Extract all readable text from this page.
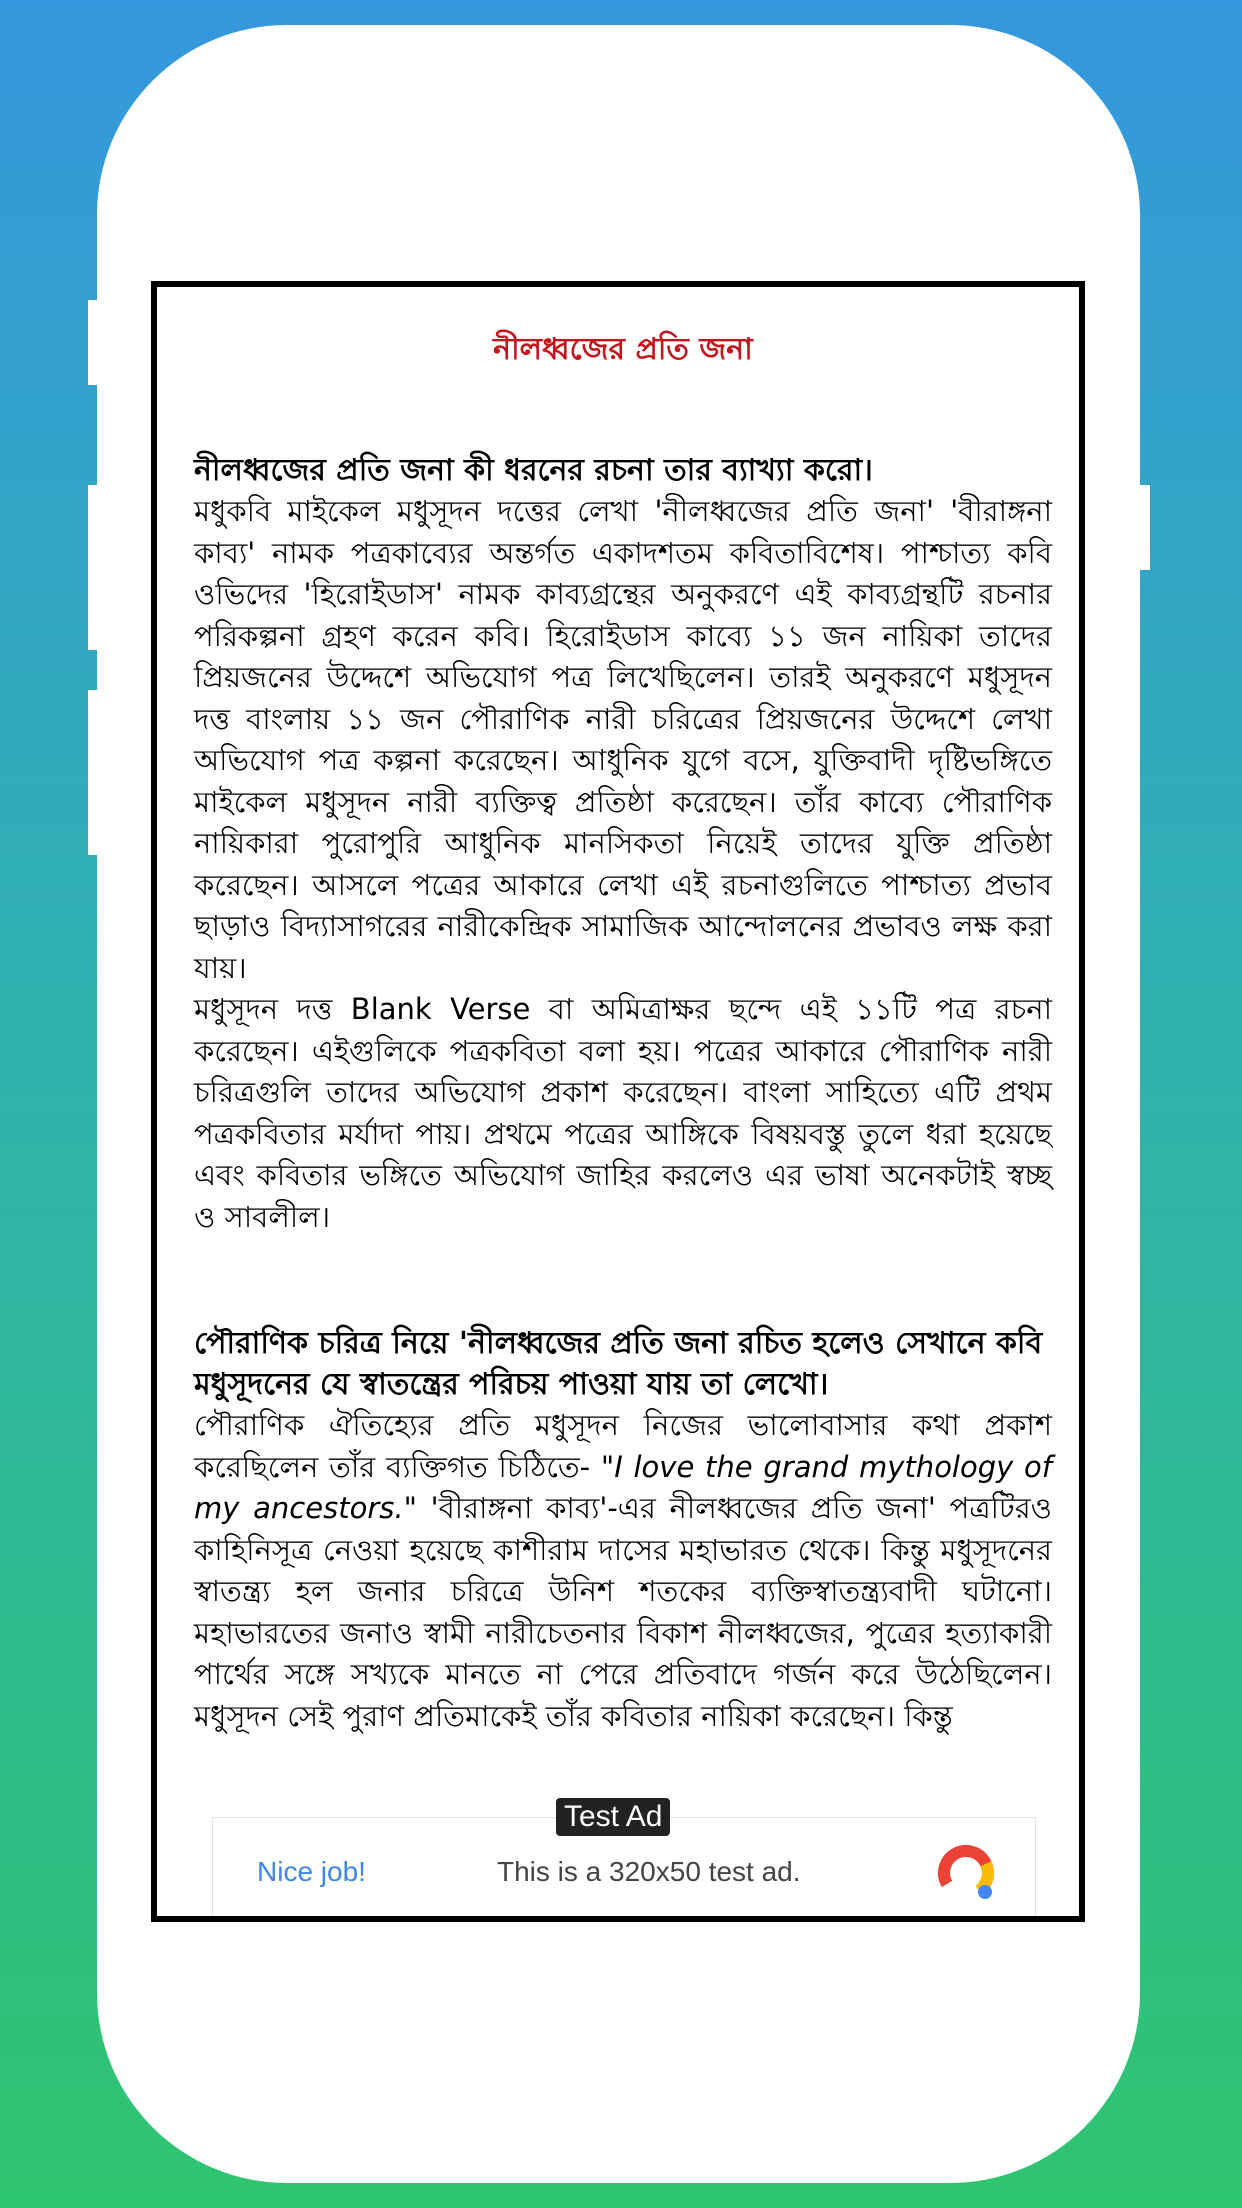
নীলধ্বজের প্রতি জনা

নীলধ্বজের প্রতি জনা কী ধরনের রচনা তার ব্যাখ্যা করো।

মধুকবি মাইকেল মধুসূদন দত্তের লেখা 'নীলধ্বজের প্রতি জনা' 'বীরাঙ্গনা কাব্য' নামক পত্রকাব্যের অন্তর্গত একাদশতম কবিতাবিশেষ। পাশ্চাত্য কবি ওভিদের 'হিরোইডাস' নামক কাব্যগ্রন্থের অনুকরণে এই কাব্যগ্রন্থটি রচনার পরিকল্পনা গ্রহণ করেন কবি। হিরোইডাস কাব্যে ১১ জন নায়িকা তাদের প্রিয়জনের উদ্দেশে অভিযোগ পত্র লিখেছিলেন। তারই অনুকরণে মধুসূদন দত্ত বাংলায় ১১ জন পৌরাণিক নারী চরিত্রের প্রিয়জনের উদ্দেশে লেখা অভিযোগ পত্র কল্পনা করেছেন। আধুনিক যুগে বসে, যুক্তিবাদী দৃষ্টিভঙ্গিতে মাইকেল মধুসূদন নারী ব্যক্তিত্ব প্রতিষ্ঠা করেছেন। তাঁর কাব্যে পৌরাণিক নায়িকারা পুরোপুরি আধুনিক মানসিকতা নিয়েই তাদের যুক্তি প্রতিষ্ঠা করেছেন। আসলে পত্রের আকারে লেখা এই রচনাগুলিতে পাশ্চাত্য প্রভাব ছাড়াও বিদ্যাসাগরের নারীকেন্দ্রিক সামাজিক আন্দোলনের প্রভাবও লক্ষ করা যায়।

মধুসূদন দত্ত Blank Verse বা অমিত্রাক্ষর ছন্দে এই ১১টি পত্র রচনা করেছেন। এইগুলিকে পত্রকবিতা বলা হয়। পত্রের আকারে পৌরাণিক নারী চরিত্রগুলি তাদের অভিযোগ প্রকাশ করেছেন। বাংলা সাহিত্যে এটি প্রথম পত্রকবিতার মর্যাদা পায়। প্রথমে পত্রের আঙ্গিকে বিষয়বস্তু তুলে ধরা হয়েছে এবং কবিতার ভঙ্গিতে অভিযোগ জাহির করলেও এর ভাষা অনেকটাই স্বচ্ছ ও সাবলীল।

পৌরাণিক চরিত্র নিয়ে 'নীলধ্বজের প্রতি জনা রচিত হলেও সেখানে কবি মধুসূদনের যে স্বাতন্ত্রের পরিচয় পাওয়া যায় তা লেখো।

পৌরাণিক ঐতিহ্যের প্রতি মধুসূদন নিজের ভালোবাসার কথা প্রকাশ করেছিলেন তাঁর ব্যক্তিগত চিঠিতে- "I love the grand mythology of my ancestors." 'বীরাঙ্গনা কাব্য'-এর নীলধ্বজের প্রতি জনা' পত্রটিরও কাহিনিসূত্র নেওয়া হয়েছে কাশীরাম দাসের মহাভারত থেকে। কিন্তু মধুসূদনের স্বাতন্ত্র্য হল জনার চরিত্রে উনিশ শতকের ব্যক্তিস্বাতন্ত্র্যবাদী ঘটানো। মহাভারতের জনাও স্বামী নারীচেতনার বিকাশ নীলধ্বজের, পুত্রের হত্যাকারী পার্থের সঙ্গে সখ্যকে মানতে না পেরে প্রতিবাদে গর্জন করে উঠেছিলেন। মধুসূদন সেই পুরাণ প্রতিমাকেই তাঁর কবিতার নায়িকা করেছেন। কিন্তু

Test Ad
Nice job!	This is a 320x50 test ad.
